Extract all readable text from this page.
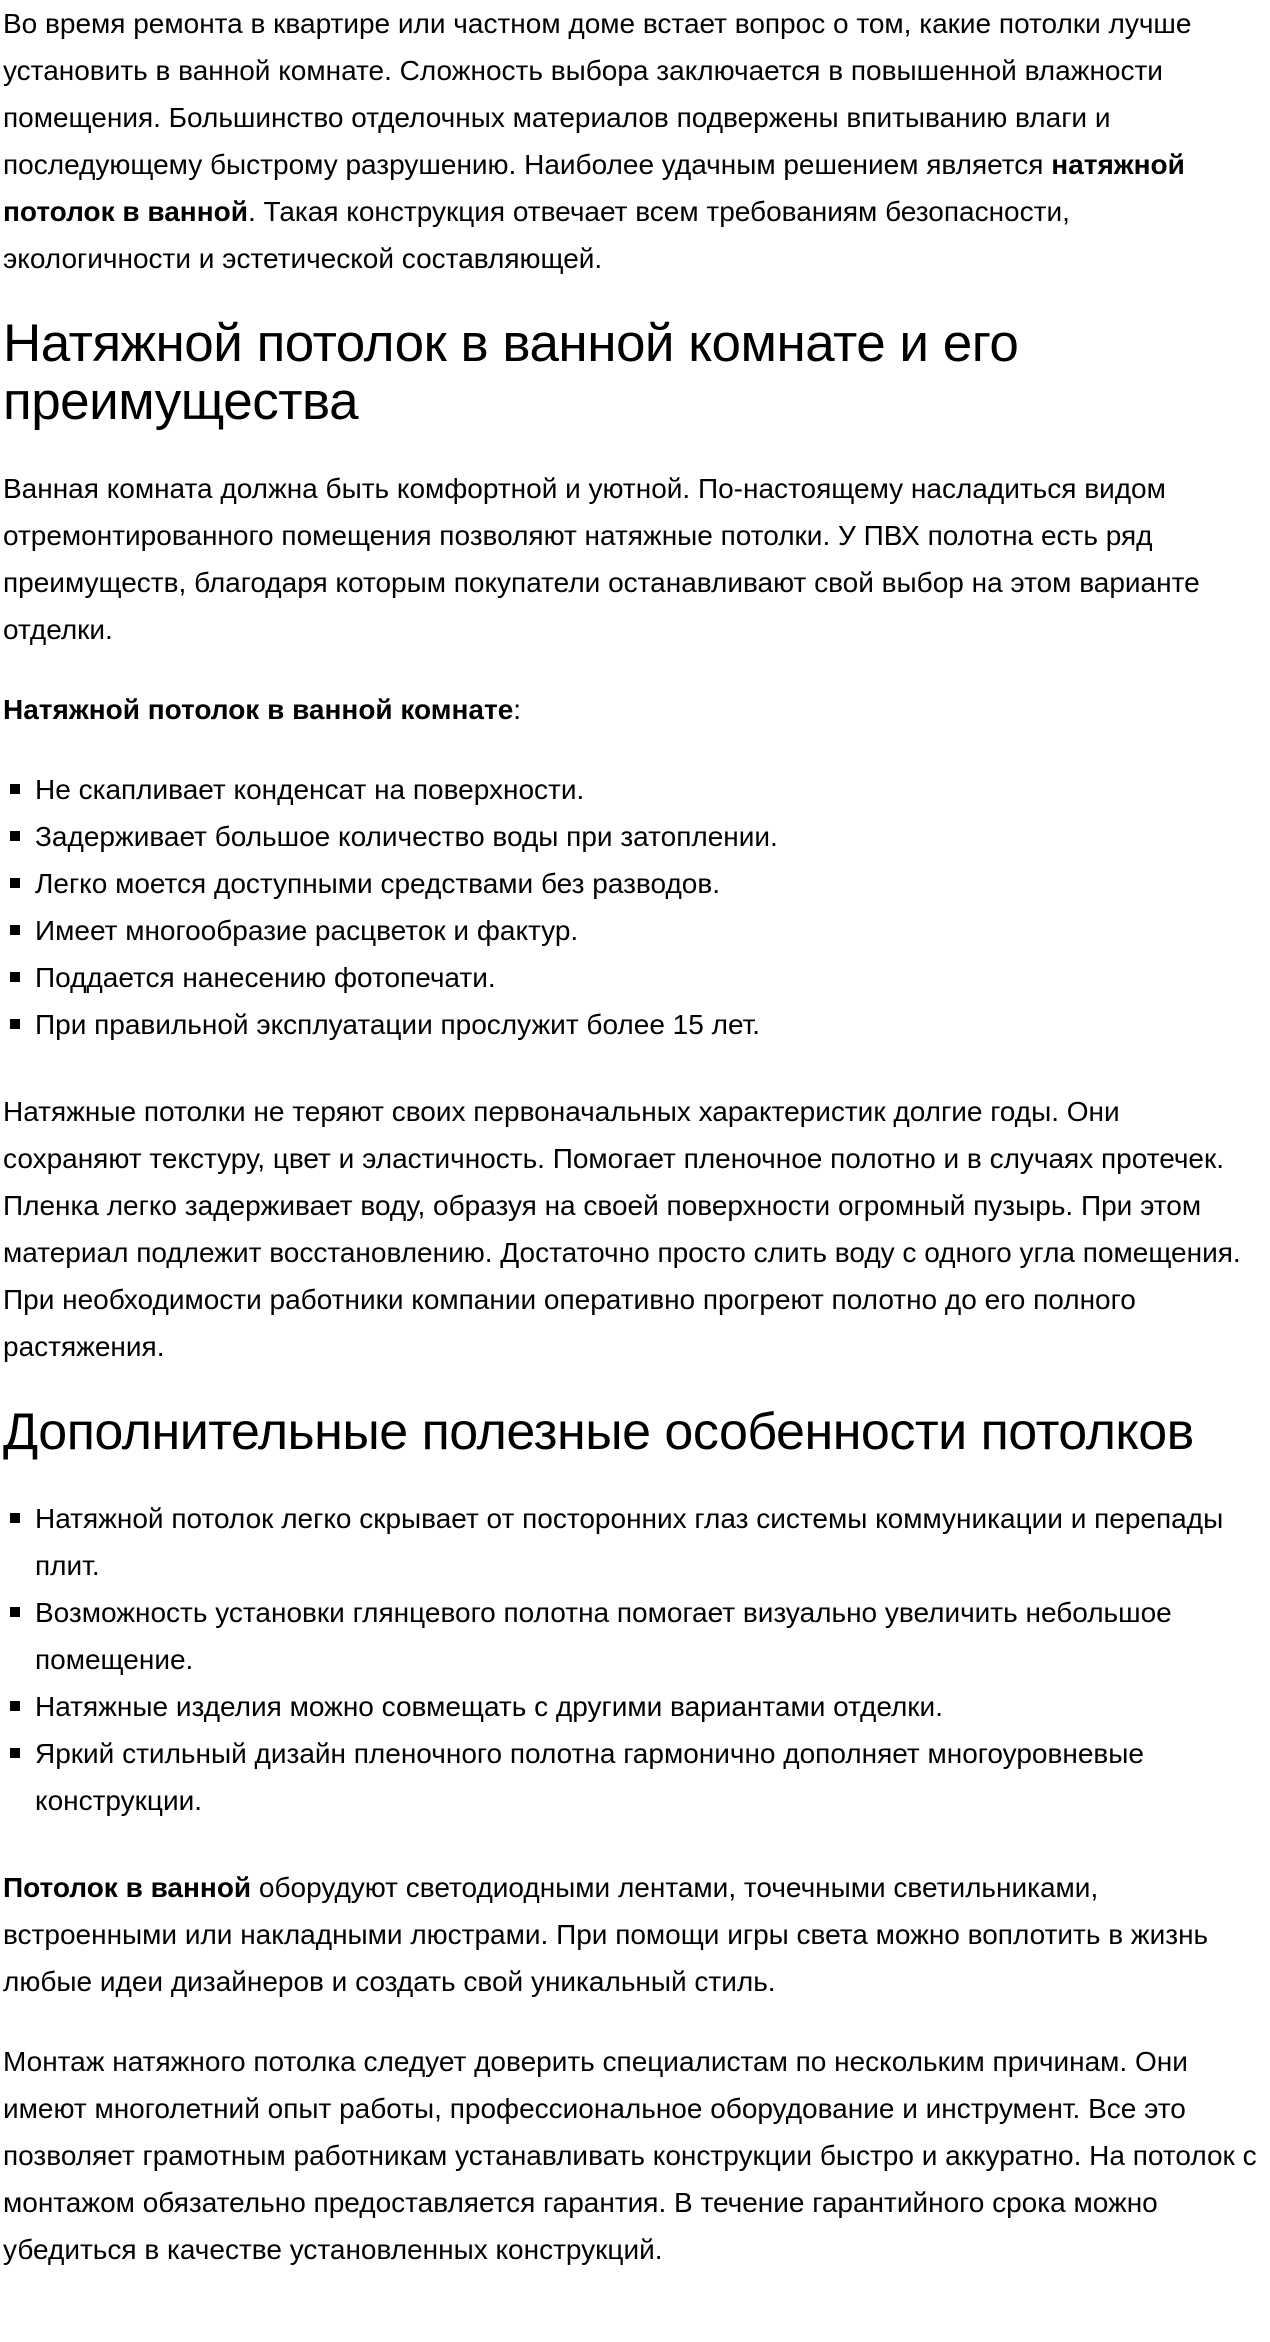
Во время ремонта в квартире или частном доме встает вопрос о том, какие потолки лучше установить в ванной комнате. Сложность выбора заключается в повышенной влажности помещения. Большинство отделочных материалов подвержены впитыванию влаги и последующему быстрому разрушению. Наиболее удачным решением является натяжной потолок в ванной. Такая конструкция отвечает всем требованиям безопасности, экологичности и эстетической составляющей.

Натяжной потолок в ванной комнате и его преимущества

Ванная комната должна быть комфортной и уютной. По-настоящему насладиться видом отремонтированного помещения позволяют натяжные потолки. У ПВХ полотна есть ряд преимуществ, благодаря которым покупатели останавливают свой выбор на этом варианте отделки.

Натяжной потолок в ванной комнате:

Не скапливает конденсат на поверхности.
Задерживает большое количество воды при затоплении.
Легко моется доступными средствами без разводов.
Имеет многообразие расцветок и фактур.
Поддается нанесению фотопечати.
При правильной эксплуатации прослужит более 15 лет.

Натяжные потолки не теряют своих первоначальных характеристик долгие годы. Они сохраняют текстуру, цвет и эластичность. Помогает пленочное полотно и в случаях протечек. Пленка легко задерживает воду, образуя на своей поверхности огромный пузырь. При этом материал подлежит восстановлению. Достаточно просто слить воду с одного угла помещения. При необходимости работники компании оперативно прогреют полотно до его полного растяжения.

Дополнительные полезные особенности потолков
Натяжной потолок легко скрывает от посторонних глаз системы коммуникации и перепады плит.
Возможность установки глянцевого полотна помогает визуально увеличить небольшое помещение.
Натяжные изделия можно совмещать с другими вариантами отделки.
Яркий стильный дизайн пленочного полотна гармонично дополняет многоуровневые конструкции.

Потолок в ванной оборудуют светодиодными лентами, точечными светильниками, встроенными или накладными люстрами. При помощи игры света можно воплотить в жизнь любые идеи дизайнеров и создать свой уникальный стиль.

Монтаж натяжного потолка следует доверить специалистам по нескольким причинам. Они имеют многолетний опыт работы, профессиональное оборудование и инструмент. Все это позволяет грамотным работникам устанавливать конструкции быстро и аккуратно. На потолок с монтажом обязательно предоставляется гарантия. В течение гарантийного срока можно убедиться в качестве установленных конструкций.
